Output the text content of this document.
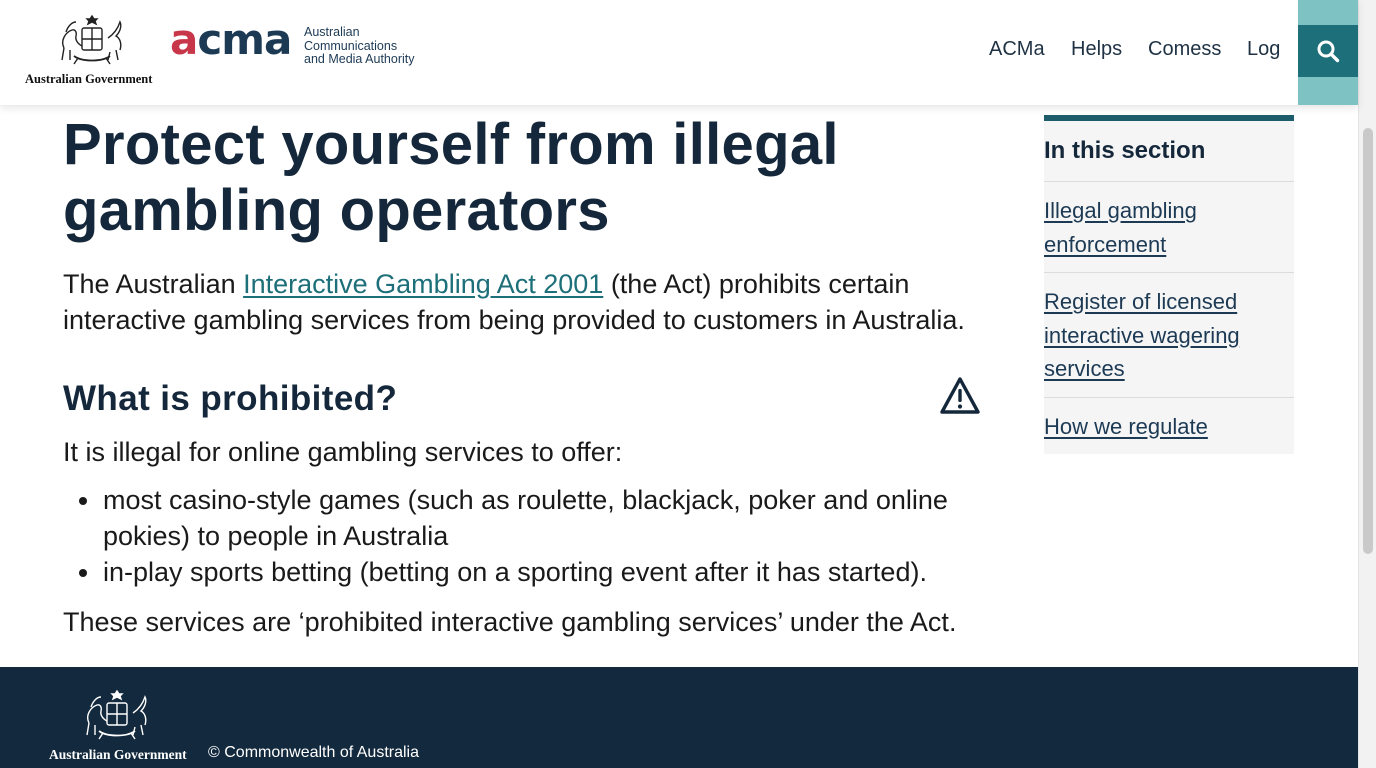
Australian Government
acma Australian
Communications
and Media Authority	ACMa Helps Comess Log
Protect yourself from illegal gambling operators

The Australian Interactive Gambling Act 2001 (the Act) prohibits certain interactive gambling services from being provided to customers in Australia.

What is prohibited?

It is illegal for online gambling services to offer:

most casino-style games (such as roulette, blackjack, poker and online pokies) to people in Australia
in-play sports betting (betting on a sporting event after it has started).

These services are ‘prohibited interactive gambling services’ under the Act.

In this section
Illegal gambling enforcement
Register of licensed interactive wagering services
How we regulate
Australian Government © Commonwealth of Australia
